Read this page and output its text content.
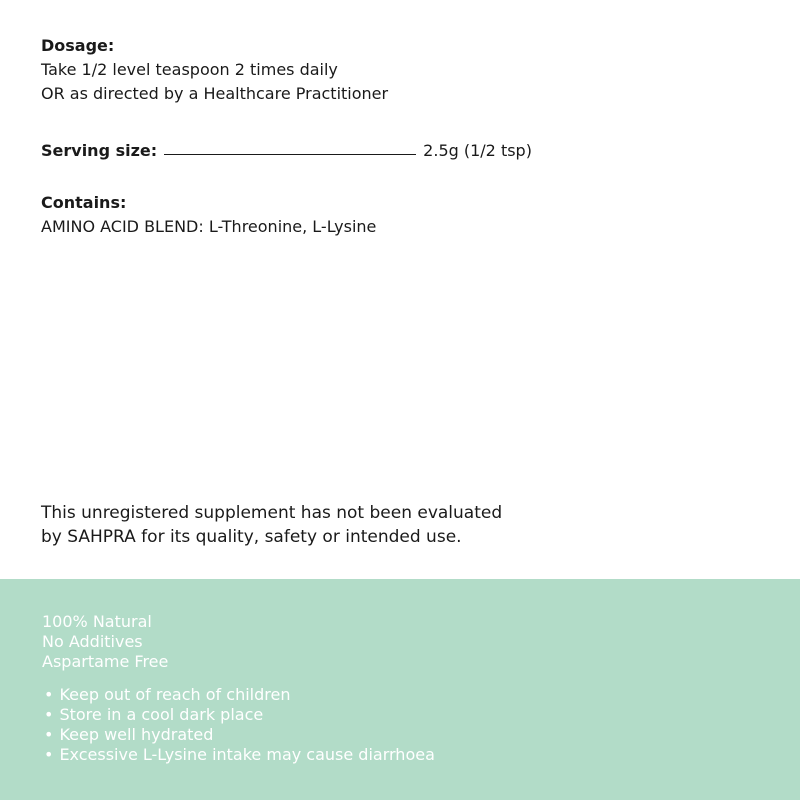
Dosage:

Take 1/2 level teaspoon 2 times daily

OR as directed by a Healthcare Practitioner

Serving size:	2.5g (1/2 tsp)

Contains:

AMINO ACID BLEND: L-Threonine, L-Lysine

This unregistered supplement has not been evaluated

by SAHPRA for its quality, safety or intended use.

100% Natural

No Additives

Aspartame Free

• Keep out of reach of children
• Store in a cool dark place
• Keep well hydrated
• Excessive L-Lysine intake may cause diarrhoea
